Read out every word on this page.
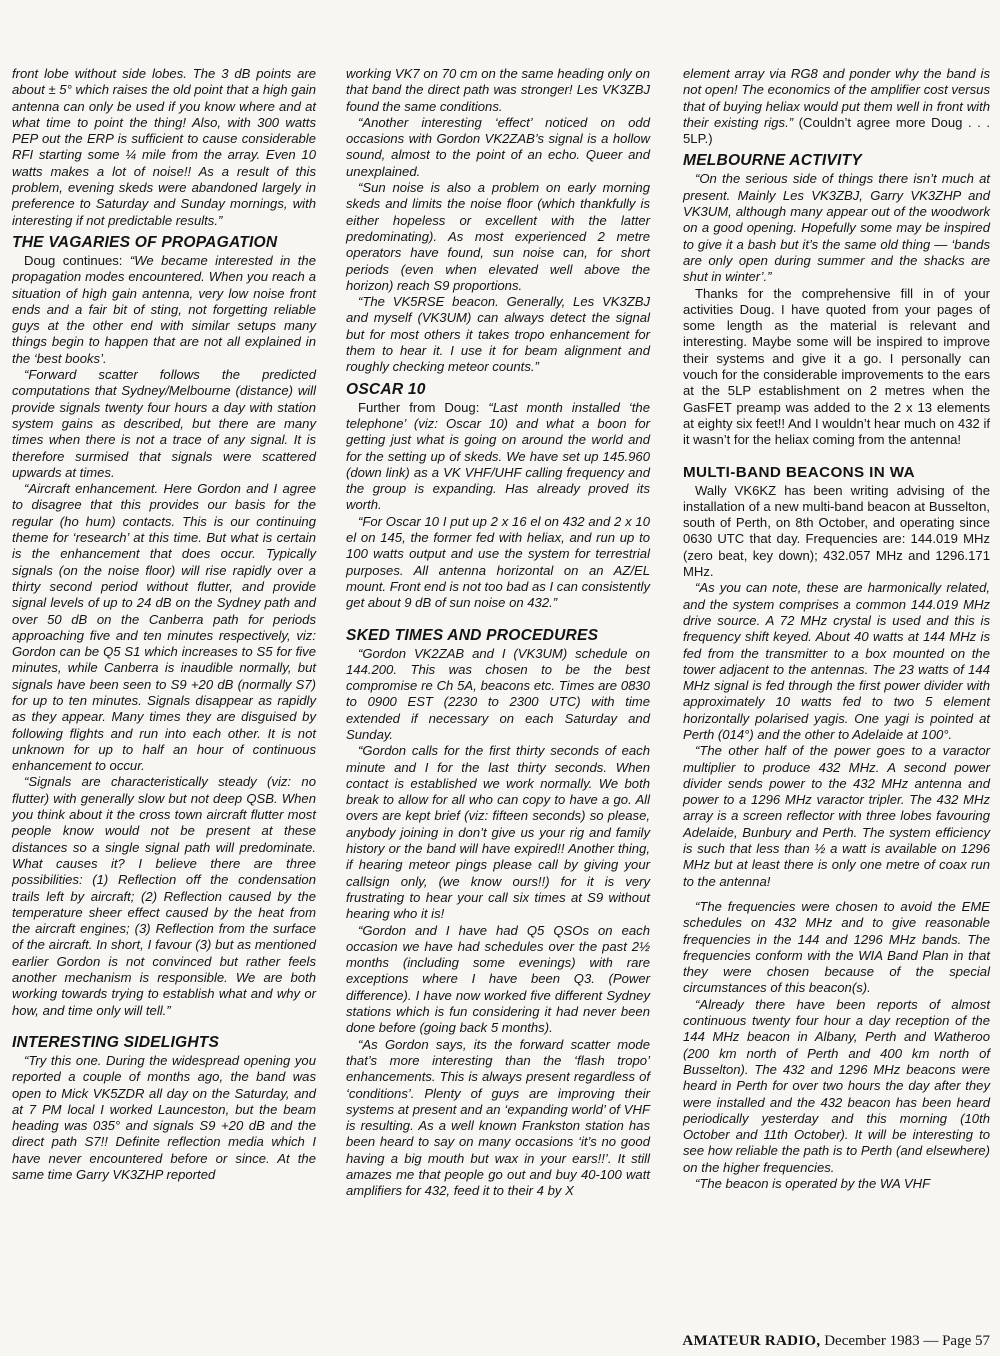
front lobe without side lobes. The 3 dB points are about ± 5° which raises the old point that a high gain antenna can only be used if you know where and at what time to point the thing! Also, with 300 watts PEP out the ERP is sufficient to cause considerable RFI starting some ¼ mile from the array. Even 10 watts makes a lot of noise!! As a result of this problem, evening skeds were abandoned largely in preference to Saturday and Sunday mornings, with interesting if not predictable results.”

THE VAGARIES OF PROPAGATION

Doug continues: “We became interested in the propagation modes encountered. When you reach a situation of high gain antenna, very low noise front ends and a fair bit of sting, not forgetting reliable guys at the other end with similar setups many things begin to happen that are not all explained in the ‘best books’.

“Forward scatter follows the predicted computations that Sydney/Melbourne (distance) will provide signals twenty four hours a day with station system gains as described, but there are many times when there is not a trace of any signal. It is therefore surmised that signals were scattered upwards at times.

“Aircraft enhancement. Here Gordon and I agree to disagree that this provides our basis for the regular (ho hum) contacts. This is our continuing theme for ‘research’ at this time. But what is certain is the enhancement that does occur. Typically signals (on the noise floor) will rise rapidly over a thirty second period without flutter, and provide signal levels of up to 24 dB on the Sydney path and over 50 dB on the Canberra path for periods approaching five and ten minutes respectively, viz: Gordon can be Q5 S1 which increases to S5 for five minutes, while Canberra is inaudible normally, but signals have been seen to S9 +20 dB (normally S7) for up to ten minutes. Signals disappear as rapidly as they appear. Many times they are disguised by following flights and run into each other. It is not unknown for up to half an hour of continuous enhancement to occur.

“Signals are characteristically steady (viz: no flutter) with generally slow but not deep QSB. When you think about it the cross town aircraft flutter most people know would not be present at these distances so a single signal path will predominate. What causes it? I believe there are three possibilities: (1) Reflection off the condensation trails left by aircraft; (2) Reflection caused by the temperature sheer effect caused by the heat from the aircraft engines; (3) Reflection from the surface of the aircraft. In short, I favour (3) but as mentioned earlier Gordon is not convinced but rather feels another mechanism is responsible. We are both working towards trying to establish what and why or how, and time only will tell.”

INTERESTING SIDELIGHTS

“Try this one. During the widespread opening you reported a couple of months ago, the band was open to Mick VK5ZDR all day on the Saturday, and at 7 PM local I worked Launceston, but the beam heading was 035° and signals S9 +20 dB and the direct path S7!! Definite reflection media which I have never encountered before or since. At the same time Garry VK3ZHP reported

working VK7 on 70 cm on the same heading only on that band the direct path was stronger! Les VK3ZBJ found the same conditions.

“Another interesting ‘effect’ noticed on odd occasions with Gordon VK2ZAB’s signal is a hollow sound, almost to the point of an echo. Queer and unexplained.

“Sun noise is also a problem on early morning skeds and limits the noise floor (which thankfully is either hopeless or excellent with the latter predominating). As most experienced 2 metre operators have found, sun noise can, for short periods (even when elevated well above the horizon) reach S9 proportions.

“The VK5RSE beacon. Generally, Les VK3ZBJ and myself (VK3UM) can always detect the signal but for most others it takes tropo enhancement for them to hear it. I use it for beam alignment and roughly checking meteor counts.”

OSCAR 10

Further from Doug: “Last month installed ‘the telephone’ (viz: Oscar 10) and what a boon for getting just what is going on around the world and for the setting up of skeds. We have set up 145.960 (down link) as a VK VHF/UHF calling frequency and the group is expanding. Has already proved its worth.

“For Oscar 10 I put up 2 x 16 el on 432 and 2 x 10 el on 145, the former fed with heliax, and run up to 100 watts output and use the system for terrestrial purposes. All antenna horizontal on an AZ/EL mount. Front end is not too bad as I can consistently get about 9 dB of sun noise on 432.”

SKED TIMES AND PROCEDURES

“Gordon VK2ZAB and I (VK3UM) schedule on 144.200. This was chosen to be the best compromise re Ch 5A, beacons etc. Times are 0830 to 0900 EST (2230 to 2300 UTC) with time extended if necessary on each Saturday and Sunday.

“Gordon calls for the first thirty seconds of each minute and I for the last thirty seconds. When contact is established we work normally. We both break to allow for all who can copy to have a go. All overs are kept brief (viz: fifteen seconds) so please, anybody joining in don’t give us your rig and family history or the band will have expired!! Another thing, if hearing meteor pings please call by giving your callsign only, (we know ours!!) for it is very frustrating to hear your call six times at S9 without hearing who it is!

“Gordon and I have had Q5 QSOs on each occasion we have had schedules over the past 2½ months (including some evenings) with rare exceptions where I have been Q3. (Power difference). I have now worked five different Sydney stations which is fun considering it had never been done before (going back 5 months).

“As Gordon says, its the forward scatter mode that’s more interesting than the ‘flash tropo’ enhancements. This is always present regardless of ‘conditions’. Plenty of guys are improving their systems at present and an ‘expanding world’ of VHF is resulting. As a well known Frankston station has been heard to say on many occasions ‘it’s no good having a big mouth but wax in your ears!!’. It still amazes me that people go out and buy 40-100 watt amplifiers for 432, feed it to their 4 by X

element array via RG8 and ponder why the band is not open! The economics of the amplifier cost versus that of buying heliax would put them well in front with their existing rigs.” (Couldn’t agree more Doug . . . 5LP.)

MELBOURNE ACTIVITY

“On the serious side of things there isn’t much at present. Mainly Les VK3ZBJ, Garry VK3ZHP and VK3UM, although many appear out of the woodwork on a good opening. Hopefully some may be inspired to give it a bash but it’s the same old thing — ‘bands are only open during summer and the shacks are shut in winter’.”

Thanks for the comprehensive fill in of your activities Doug. I have quoted from your pages of some length as the material is relevant and interesting. Maybe some will be inspired to improve their systems and give it a go. I personally can vouch for the considerable improvements to the ears at the 5LP establishment on 2 metres when the GasFET preamp was added to the 2 x 13 elements at eighty six feet!! And I wouldn’t hear much on 432 if it wasn’t for the heliax coming from the antenna!

MULTI-BAND BEACONS IN WA

Wally VK6KZ has been writing advising of the installation of a new multi-band beacon at Busselton, south of Perth, on 8th October, and operating since 0630 UTC that day. Frequencies are: 144.019 MHz (zero beat, key down); 432.057 MHz and 1296.171 MHz.

“As you can note, these are harmonically related, and the system comprises a common 144.019 MHz drive source. A 72 MHz crystal is used and this is frequency shift keyed. About 40 watts at 144 MHz is fed from the transmitter to a box mounted on the tower adjacent to the antennas. The 23 watts of 144 MHz signal is fed through the first power divider with approximately 10 watts fed to two 5 element horizontally polarised yagis. One yagi is pointed at Perth (014°) and the other to Adelaide at 100°.

“The other half of the power goes to a varactor multiplier to produce 432 MHz. A second power divider sends power to the 432 MHz antenna and power to a 1296 MHz varactor tripler. The 432 MHz array is a screen reflector with three lobes favouring Adelaide, Bunbury and Perth. The system efficiency is such that less than ½ a watt is available on 1296 MHz but at least there is only one metre of coax run to the antenna!

“The frequencies were chosen to avoid the EME schedules on 432 MHz and to give reasonable frequencies in the 144 and 1296 MHz bands. The frequencies conform with the WIA Band Plan in that they were chosen because of the special circumstances of this beacon(s).

“Already there have been reports of almost continuous twenty four hour a day reception of the 144 MHz beacon in Albany, Perth and Watheroo (200 km north of Perth and 400 km north of Busselton). The 432 and 1296 MHz beacons were heard in Perth for over two hours the day after they were installed and the 432 beacon has been heard periodically yesterday and this morning (10th October and 11th October). It will be interesting to see how reliable the path is to Perth (and elsewhere) on the higher frequencies.

“The beacon is operated by the WA VHF

AMATEUR RADIO, December 1983 — Page 57
